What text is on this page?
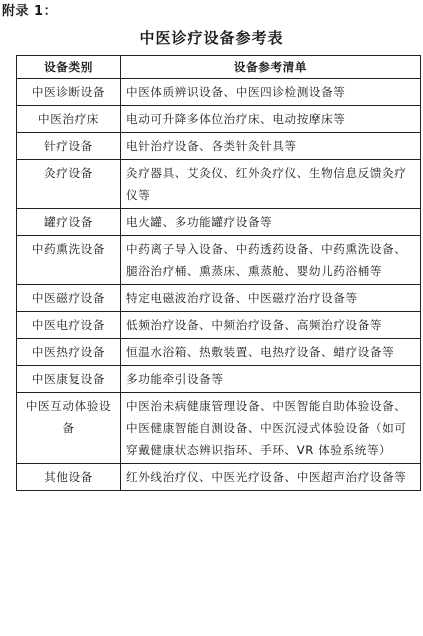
附录 1：
中医诊疗设备参考表
设备类别	设备参考清单
中医诊断设备	中医体质辨识设备、中医四诊检测设备等
中医治疗床	电动可升降多体位治疗床、电动按摩床等
针疗设备	电针治疗设备、各类针灸针具等
灸疗设备	灸疗器具、艾灸仪、红外灸疗仪、生物信息反馈灸疗仪等
罐疗设备	电火罐、多功能罐疗设备等
中药熏洗设备	中药离子导入设备、中药透药设备、中药熏洗设备、腿浴治疗桶、熏蒸床、熏蒸舱、婴幼儿药浴桶等
中医磁疗设备	特定电磁波治疗设备、中医磁疗治疗设备等
中医电疗设备	低频治疗设备、中频治疗设备、高频治疗设备等
中医热疗设备	恒温水浴箱、热敷装置、电热疗设备、蜡疗设备等
中医康复设备	多功能牵引设备等
中医互动体验设备	中医治未病健康管理设备、中医智能自助体验设备、中医健康智能自测设备、中医沉浸式体验设备（如可穿戴健康状态辨识指环、手环、VR 体验系统等）
其他设备	红外线治疗仪、中医光疗设备、中医超声治疗设备等
